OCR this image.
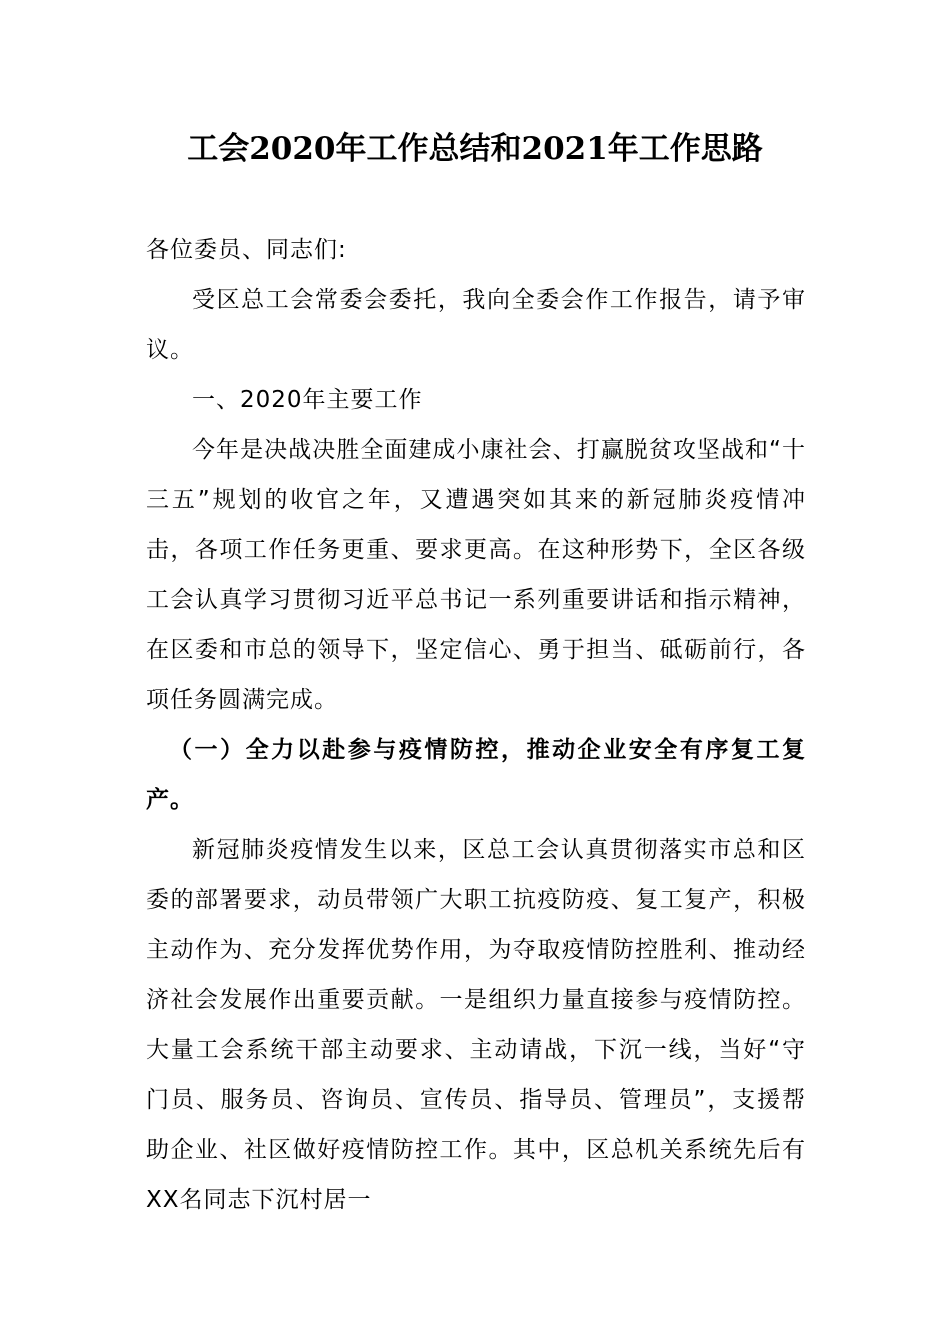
工会2020年工作总结和2021年工作思路

各位委员、同志们:

受区总工会常委会委托，我向全委会作工作报告，请予审议。

一、2020年主要工作

今年是决战决胜全面建成小康社会、打赢脱贫攻坚战和“十三五”规划的收官之年，又遭遇突如其来的新冠肺炎疫情冲击，各项工作任务更重、要求更高。在这种形势下，全区各级工会认真学习贯彻习近平总书记一系列重要讲话和指示精神，在区委和市总的领导下，坚定信心、勇于担当、砥砺前行，各项任务圆满完成。

（一）全力以赴参与疫情防控，推动企业安全有序复工复产。

新冠肺炎疫情发生以来，区总工会认真贯彻落实市总和区委的部署要求，动员带领广大职工抗疫防疫、复工复产，积极主动作为、充分发挥优势作用，为夺取疫情防控胜利、推动经济社会发展作出重要贡献。一是组织力量直接参与疫情防控。大量工会系统干部主动要求、主动请战，下沉一线，当好“守门员、服务员、咨询员、宣传员、指导员、管理员”，支援帮助企业、社区做好疫情防控工作。其中，区总机关系统先后有XX名同志下沉村居一
